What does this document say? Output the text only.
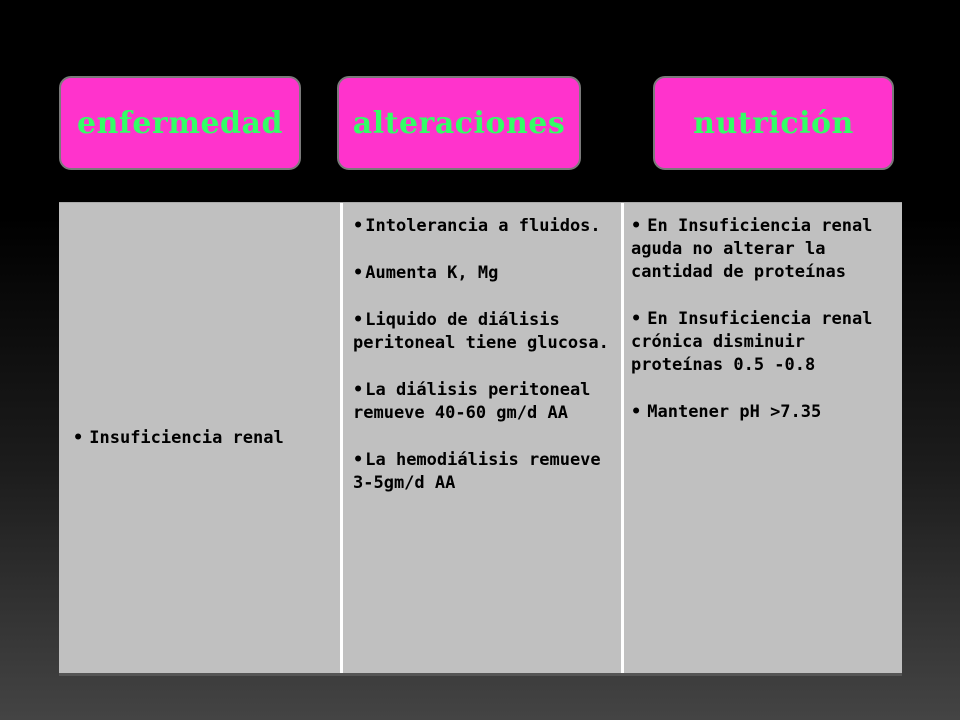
enfermedad alteraciones	nutrición
• Insuficiencia renal
• Intolerancia a fluidos.
• Aumenta K, Mg
• Liquido de diálisis peritoneal tiene glucosa.
• La diálisis peritoneal remueve 40-60 gm/d AA
• La hemodiálisis remueve 3-5gm/d AA
• En Insuficiencia renal aguda no alterar la cantidad de proteínas
• En Insuficiencia renal crónica disminuir proteínas 0.5 -0.8
• Mantener pH >7.35
